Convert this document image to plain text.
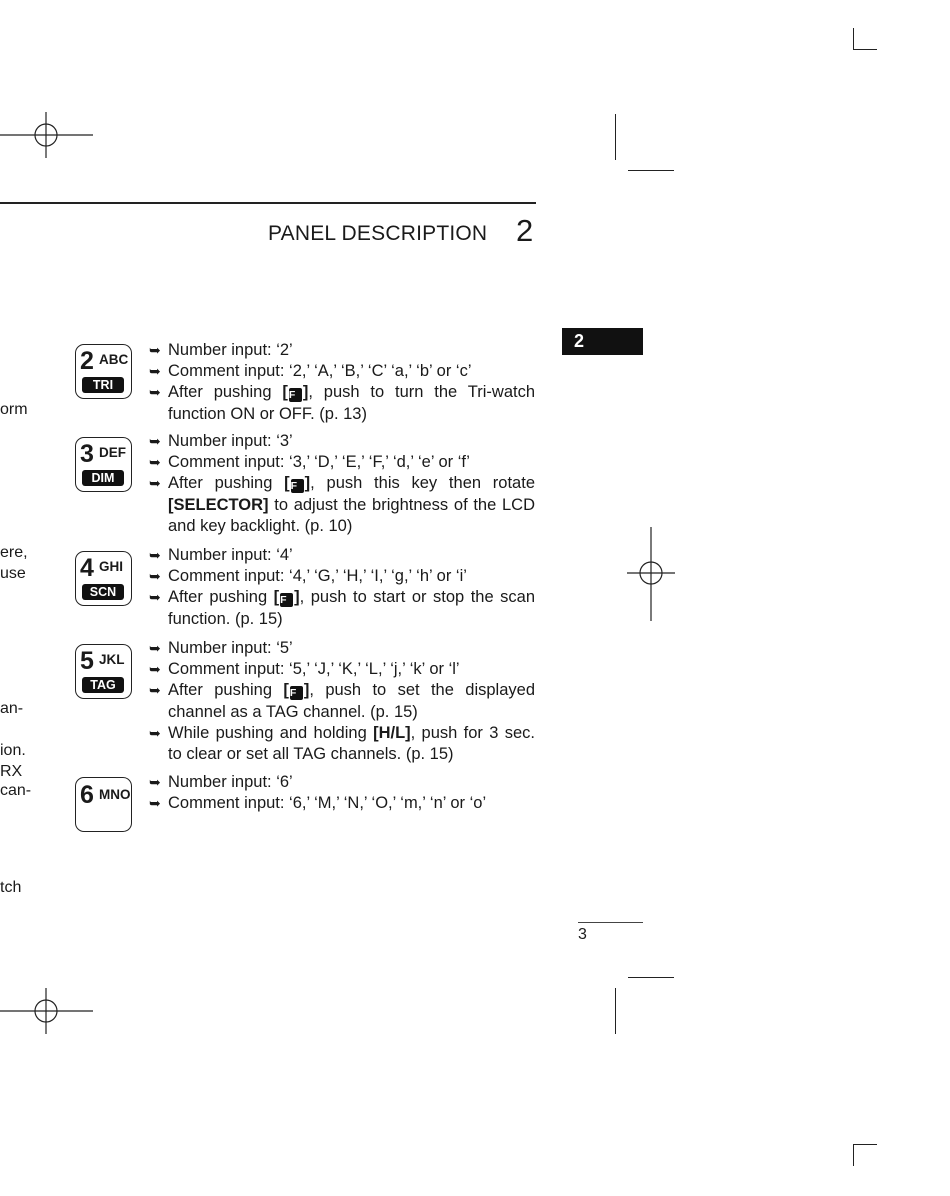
PANEL DESCRIPTION 2
2
3
orm
ere,
use
an-
ion.
RX
can-
tch
2 ABC
TRI
➥ Number input: ‘2’
➥ Comment input: ‘2,’ ‘A,’ ‘B,’ ‘C’ ‘a,’ ‘b’ or ‘c’
➥ After pushing [F ], push to turn the Tri-watch function ON or OFF. (p. 13)
3 DEF
DIM
➥ Number input: ‘3’
➥ Comment input: ‘3,’ ‘D,’ ‘E,’ ‘F,’ ‘d,’ ‘e’ or ‘f’
➥ After pushing [F ], push this key then rotate [SELECTOR] to adjust the brightness of the LCD and key backlight. (p. 10)
4 GHI
SCN
➥ Number input: ‘4’
➥ Comment input: ‘4,’ ‘G,’ ‘H,’ ‘I,’ ‘g,’ ‘h’ or ‘i’
➥ After pushing [F ], push to start or stop the scan function. (p. 15)
5 JKL
TAG
➥ Number input: ‘5’
➥ Comment input: ‘5,’ ‘J,’ ‘K,’ ‘L,’ ‘j,’ ‘k’ or ‘l’
➥ After pushing [F ], push to set the displayed channel as a TAG channel. (p. 15)
➥ While pushing and holding [H/L], push for 3 sec. to clear or set all TAG channels. (p. 15)
6 MNO
➥ Number input: ‘6’
➥ Comment input: ‘6,’ ‘M,’ ‘N,’ ‘O,’ ‘m,’ ‘n’ or ‘o’
